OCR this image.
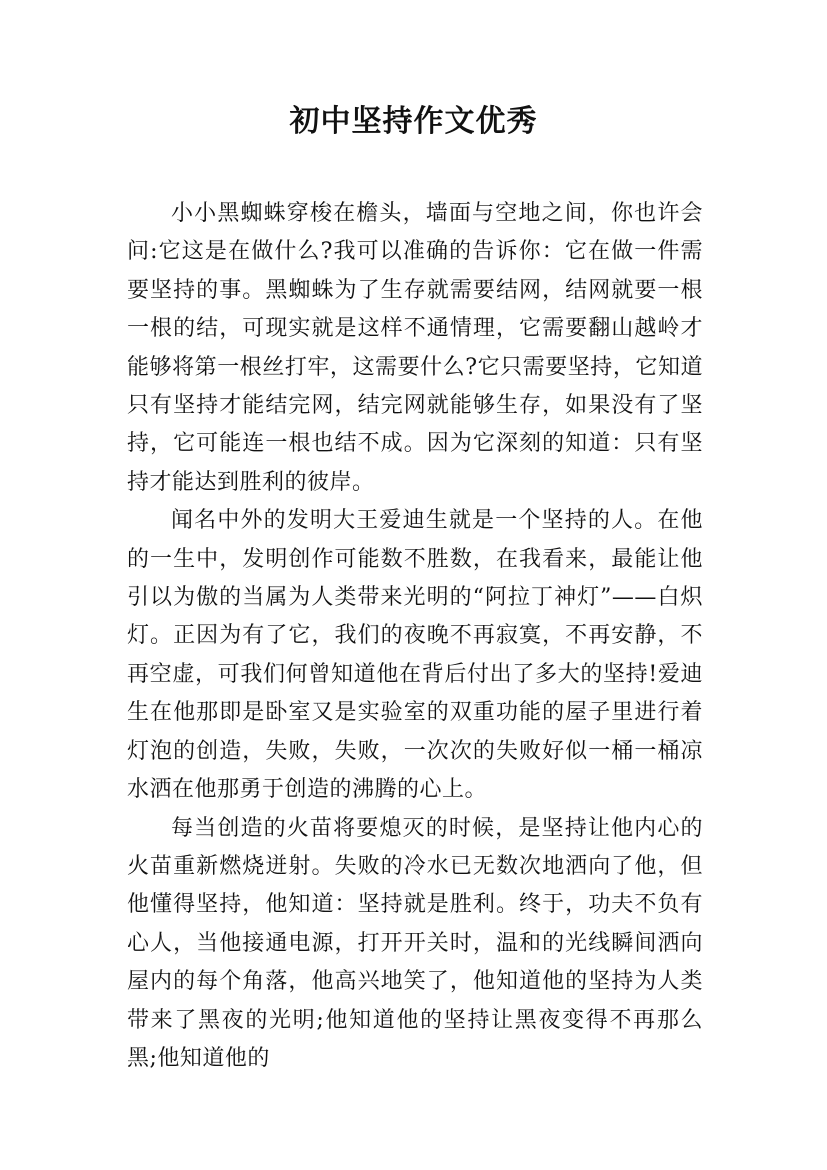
初中坚持作文优秀

小小黑蜘蛛穿梭在檐头，墙面与空地之间，你也许会问:它这是在做什么?我可以准确的告诉你：它在做一件需要坚持的事。黑蜘蛛为了生存就需要结网，结网就要一根一根的结，可现实就是这样不通情理，它需要翻山越岭才能够将第一根丝打牢，这需要什么?它只需要坚持，它知道只有坚持才能结完网，结完网就能够生存，如果没有了坚持，它可能连一根也结不成。因为它深刻的知道：只有坚持才能达到胜利的彼岸。

闻名中外的发明大王爱迪生就是一个坚持的人。在他的一生中，发明创作可能数不胜数，在我看来，最能让他引以为傲的当属为人类带来光明的“阿拉丁神灯”——白炽灯。正因为有了它，我们的夜晚不再寂寞，不再安静，不再空虚，可我们何曾知道他在背后付出了多大的坚持!爱迪生在他那即是卧室又是实验室的双重功能的屋子里进行着灯泡的创造，失败，失败，一次次的失败好似一桶一桶凉水洒在他那勇于创造的沸腾的心上。

每当创造的火苗将要熄灭的时候，是坚持让他内心的火苗重新燃烧迸射。失败的冷水已无数次地洒向了他，但他懂得坚持，他知道：坚持就是胜利。终于，功夫不负有心人，当他接通电源，打开开关时，温和的光线瞬间洒向屋内的每个角落，他高兴地笑了，他知道他的坚持为人类带来了黑夜的光明;他知道他的坚持让黑夜变得不再那么黑;他知道他的
